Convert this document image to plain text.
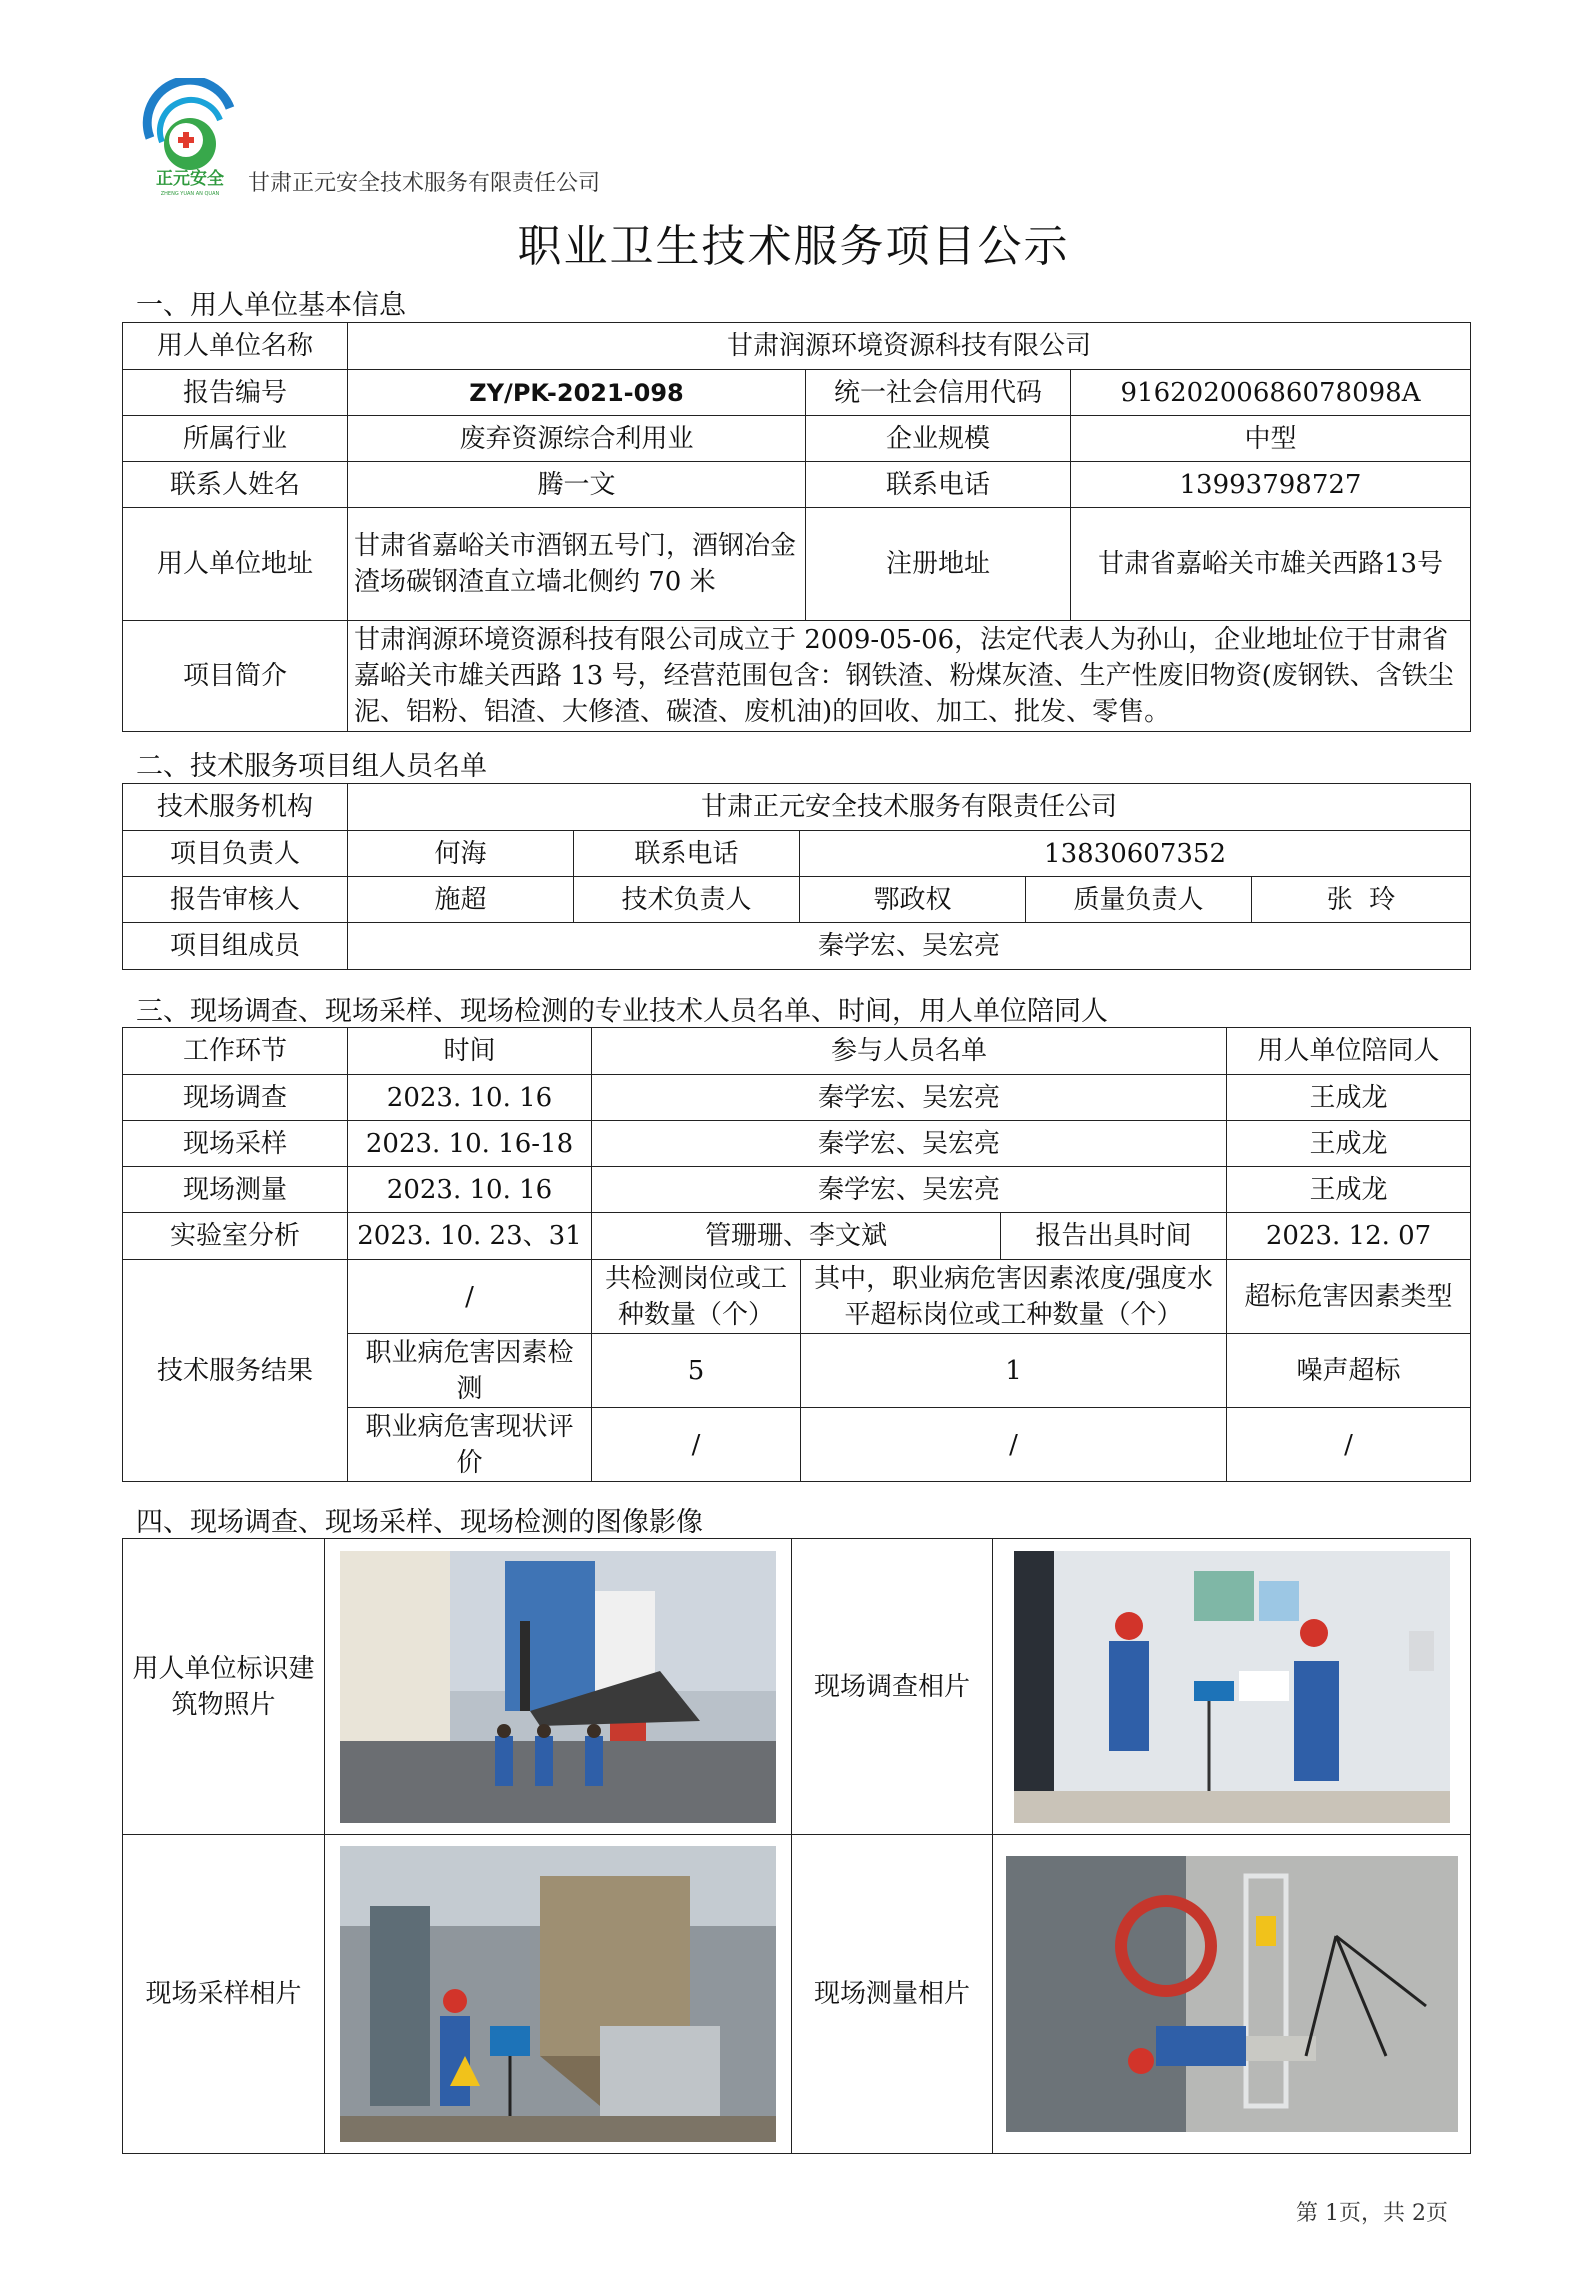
正元安全
ZHENG YUAN AN QUAN 甘肃正元安全技术服务有限责任公司
职业卫生技术服务项目公示
一、用人单位基本信息
用人单位名称	甘肃润源环境资源科技有限公司		
报告编号	ZY/PK-2021-098	统一社会信用代码	91620200686078098A
所属行业	废弃资源综合利用业	企业规模	中型
联系人姓名	腾一文	联系电话	13993798727
用人单位地址	甘肃省嘉峪关市酒钢五号门，酒钢冶金渣场碳钢渣直立墙北侧约 70 米	注册地址	甘肃省嘉峪关市雄关西路13号
项目简介	甘肃润源环境资源科技有限公司成立于 2009-05-06，法定代表人为孙山，企业地址位于甘肃省嘉峪关市雄关西路 13 号，经营范围包含：钢铁渣、粉煤灰渣、生产性废旧物资(废钢铁、含铁尘泥、铝粉、铝渣、大修渣、碳渣、废机油)的回收、加工、批发、零售。		
二、技术服务项目组人员名单
技术服务机构	甘肃正元安全技术服务有限责任公司				
项目负责人	何海	联系电话	13830607352		
报告审核人	施超	技术负责人	鄂政权	质量负责人	张  玲
项目组成员	秦学宏、吴宏亮				
三、现场调查、现场采样、现场检测的专业技术人员名单、时间，用人单位陪同人
工作环节	时间	参与人员名单			用人单位陪同人
现场调查	2023. 10. 16	秦学宏、吴宏亮			王成龙
现场采样	2023. 10. 16-18	秦学宏、吴宏亮			王成龙
现场测量	2023. 10. 16	秦学宏、吴宏亮			王成龙
实验室分析	2023. 10. 23、31	管珊珊、李文斌		报告出具时间	2023. 12. 07
技术服务结果	/	共检测岗位或工种数量（个）	其中，职业病危害因素浓度/强度水平超标岗位或工种数量（个）		超标危害因素类型
	职业病危害因素检测	5	1		噪声超标
	职业病危害现状评价	/	/		/
四、现场调查、现场采样、现场检测的图像影像
用人单位标识建筑物照片		现场调查相片	

现场采样相片		现场测量相片	
第 1页，共 2页
